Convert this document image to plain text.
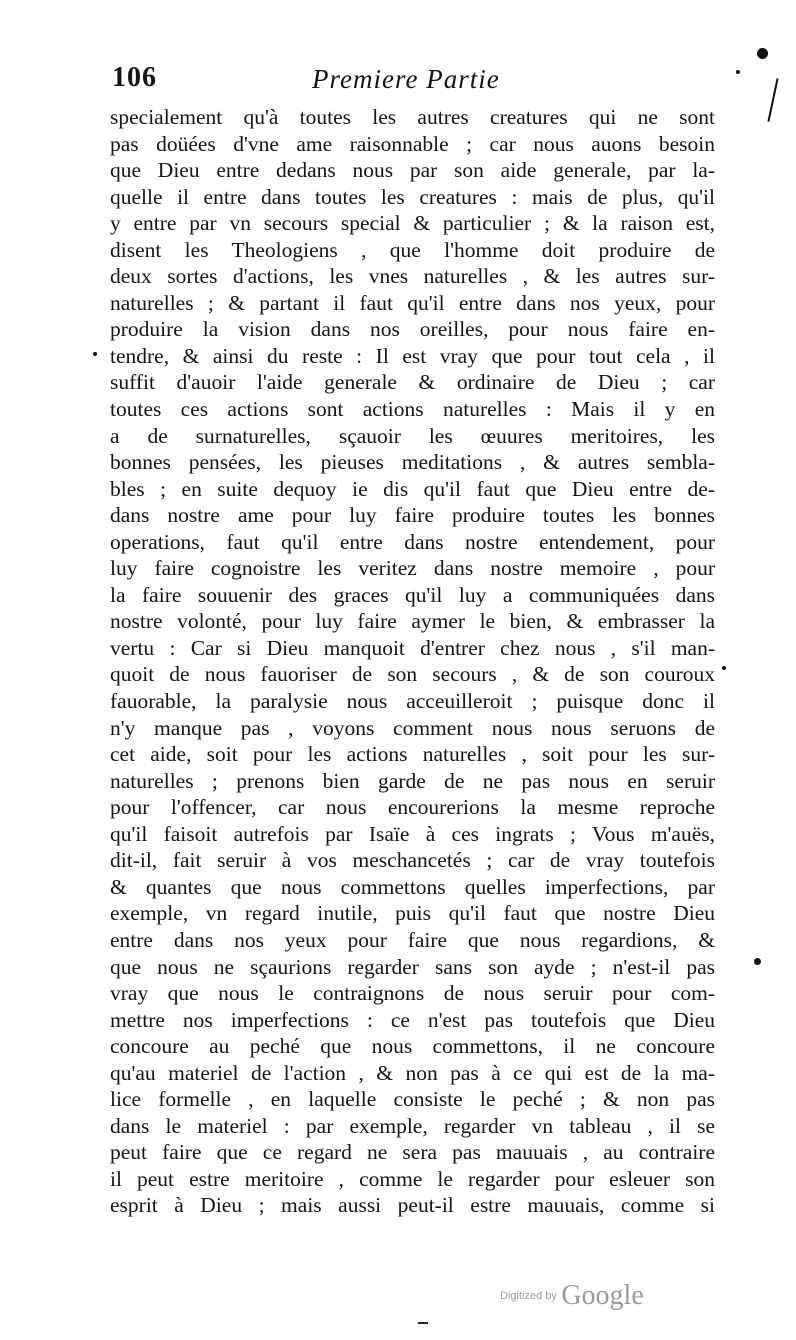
106	Premiere Partie
specialement qu'à toutes les autres creatures qui ne sont
pas doüées d'vne ame raisonnable ; car nous auons besoin
que Dieu entre dedans nous par son aide generale, par la-
quelle il entre dans toutes les creatures : mais de plus, qu'il
y entre par vn secours special & particulier ; & la raison est,
disent les Theologiens , que l'homme doit produire de
deux sortes d'actions, les vnes naturelles , & les autres sur-
naturelles ; & partant il faut qu'il entre dans nos yeux, pour
produire la vision dans nos oreilles, pour nous faire en-
tendre, & ainsi du reste : Il est vray que pour tout cela , il
suffit d'auoir l'aide generale & ordinaire de Dieu ; car
toutes ces actions sont actions naturelles : Mais il y en
a de surnaturelles, sçauoir les œuures meritoires, les
bonnes pensées, les pieuses meditations , & autres sembla-
bles ; en suite dequoy ie dis qu'il faut que Dieu entre de-
dans nostre ame pour luy faire produire toutes les bonnes
operations, faut qu'il entre dans nostre entendement, pour
luy faire cognoistre les veritez dans nostre memoire , pour
la faire souuenir des graces qu'il luy a communiquées dans
nostre volonté, pour luy faire aymer le bien, & embrasser la
vertu : Car si Dieu manquoit d'entrer chez nous , s'il man-
quoit de nous fauoriser de son secours , & de son couroux
fauorable, la paralysie nous acceuilleroit ; puisque donc il
n'y manque pas , voyons comment nous nous seruons de
cet aide, soit pour les actions naturelles , soit pour les sur-
naturelles ; prenons bien garde de ne pas nous en seruir
pour l'offencer, car nous encourerions la mesme reproche
qu'il faisoit autrefois par Isaïe à ces ingrats ; Vous m'auës,
dit-il, fait seruir à vos meschancetés ; car de vray toutefois
& quantes que nous commettons quelles imperfections, par
exemple, vn regard inutile, puis qu'il faut que nostre Dieu
entre dans nos yeux pour faire que nous regardions, &
que nous ne sçaurions regarder sans son ayde ; n'est-il pas
vray que nous le contraignons de nous seruir pour com-
mettre nos imperfections : ce n'est pas toutefois que Dieu
concoure au peché que nous commettons, il ne concoure
qu'au materiel de l'action , & non pas à ce qui est de la ma-
lice formelle , en laquelle consiste le peché ; & non pas
dans le materiel : par exemple, regarder vn tableau , il se
peut faire que ce regard ne sera pas mauuais , au contraire
il peut estre meritoire , comme le regarder pour esleuer son
esprit à Dieu ; mais aussi peut-il estre mauuais, comme si
Digitized by Google
